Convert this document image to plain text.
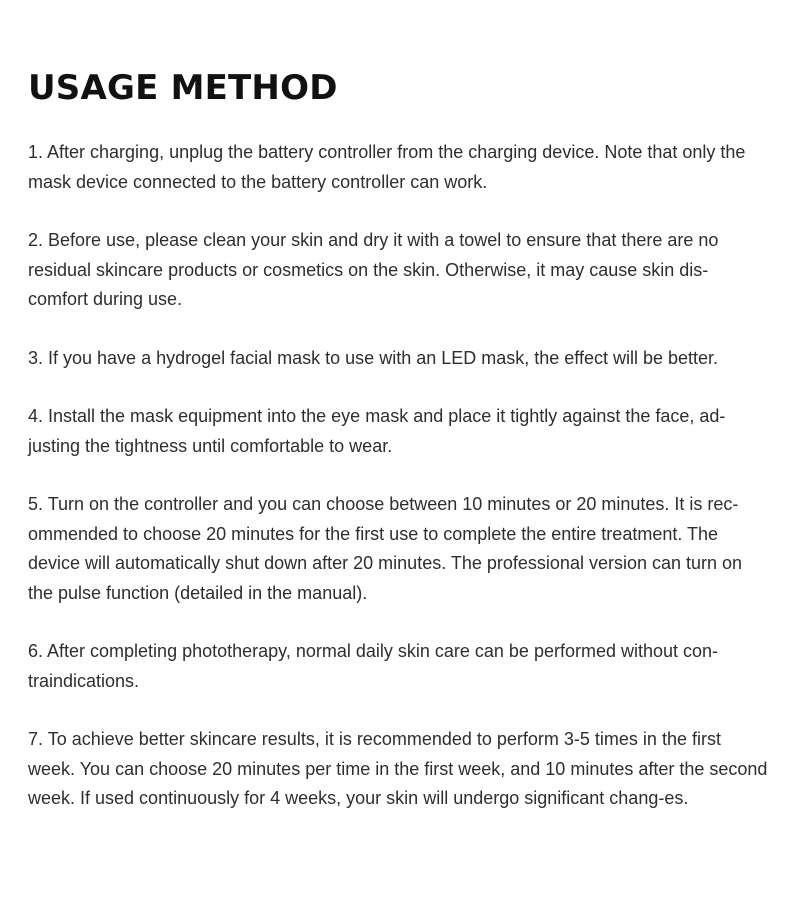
USAGE METHOD
1. After charging, unplug the battery controller from the charging device. Note that only the mask device connected to the battery controller can work.
2. Before use, please clean your skin and dry it with a towel to ensure that there are no residual skincare products or cosmetics on the skin. Otherwise, it may cause skin dis-comfort during use.
3. If you have a hydrogel facial mask to use with an LED mask, the effect will be better.
4. Install the mask equipment into the eye mask and place it tightly against the face, ad-justing the tightness until comfortable to wear.
5. Turn on the controller and you can choose between 10 minutes or 20 minutes. It is rec-ommended to choose 20 minutes for the first use to complete the entire treatment. The device will automatically shut down after 20 minutes. The professional version can turn on the pulse function (detailed in the manual).
6. After completing phototherapy, normal daily skin care can be performed without con-traindications.
7. To achieve better skincare results, it is recommended to perform 3-5 times in the first week. You can choose 20 minutes per time in the first week, and 10 minutes after the second week. If used continuously for 4 weeks, your skin will undergo significant chang-es.
